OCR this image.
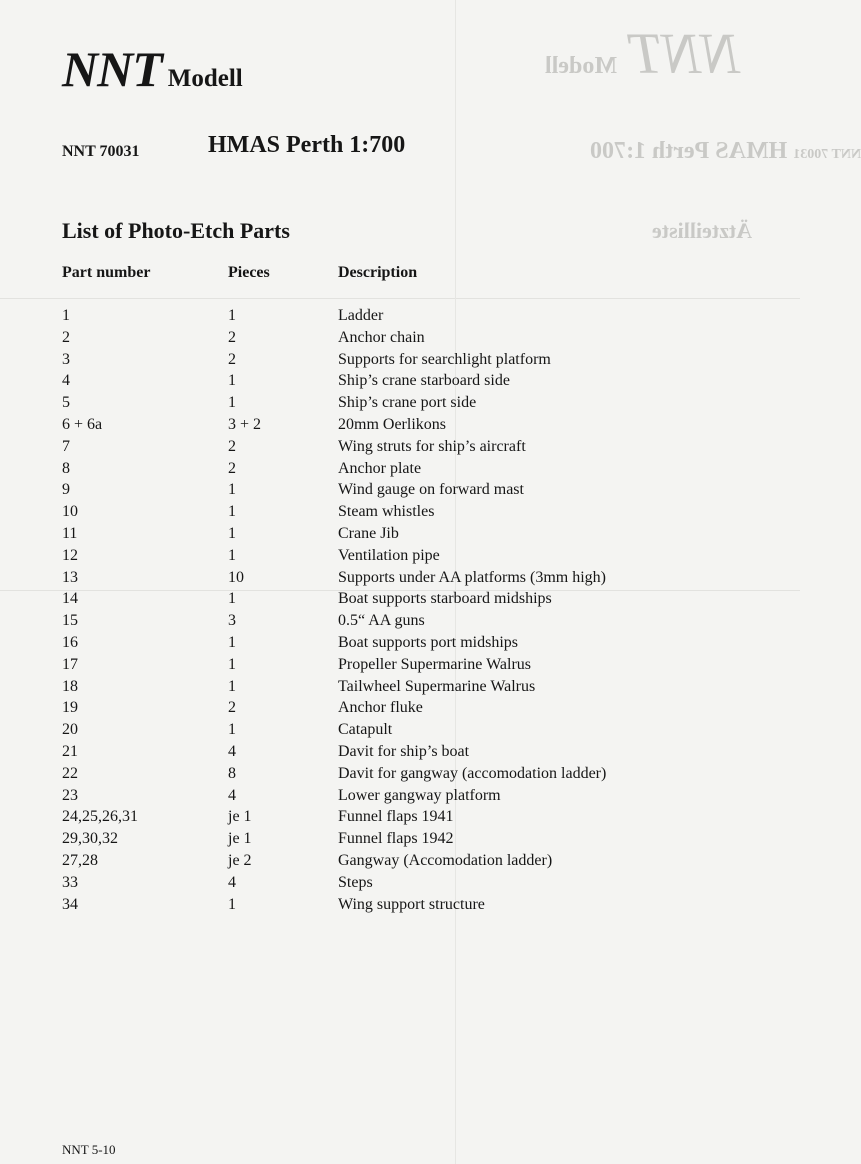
NNT Modell
NNT 70031 HMAS Perth 1:700
Ätzteilliste
NNT Modell
NNT 70031	HMAS Perth 1:700
List of Photo-Etch Parts
Part number	Pieces	Description
1	1	Ladder
2	2	Anchor chain
3	2	Supports for searchlight platform
4	1	Ship’s crane starboard side
5	1	Ship’s crane port side
6 + 6a	3 + 2	20mm Oerlikons
7	2	Wing struts for ship’s aircraft
8	2	Anchor plate
9	1	Wind gauge on forward mast
10	1	Steam whistles
11	1	Crane Jib
12	1	Ventilation pipe
13	10	Supports under AA platforms (3mm high)
14	1	Boat supports starboard midships
15	3	0.5“ AA guns
16	1	Boat supports port midships
17	1	Propeller Supermarine Walrus
18	1	Tailwheel Supermarine Walrus
19	2	Anchor fluke
20	1	Catapult
21	4	Davit for ship’s boat
22	8	Davit for gangway (accomodation ladder)
23	4	Lower gangway platform
24,25,26,31	je 1	Funnel flaps 1941
29,30,32	je 1	Funnel flaps 1942
27,28	je 2	Gangway (Accomodation ladder)
33	4	Steps
34	1	Wing support structure
NNT 5-10
